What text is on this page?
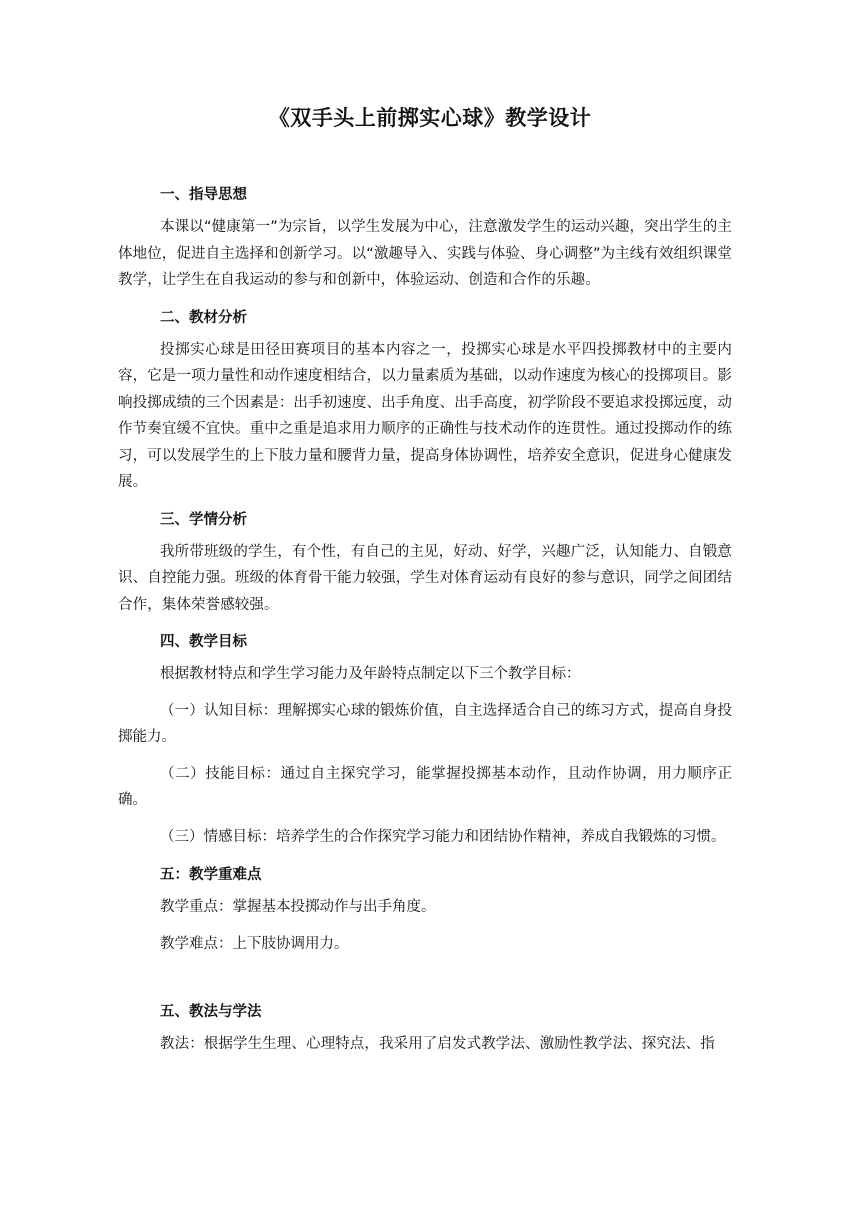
《双手头上前掷实心球》教学设计
一、指导思想

本课以“健康第一”为宗旨，以学生发展为中心，注意激发学生的运动兴趣，突出学生的主体地位，促进自主选择和创新学习。以“激趣导入、实践与体验、身心调整”为主线有效组织课堂教学，让学生在自我运动的参与和创新中，体验运动、创造和合作的乐趣。

二、教材分析

投掷实心球是田径田赛项目的基本内容之一，投掷实心球是水平四投掷教材中的主要内容，它是一项力量性和动作速度相结合，以力量素质为基础，以动作速度为核心的投掷项目。影响投掷成绩的三个因素是：出手初速度、出手角度、出手高度，初学阶段不要追求投掷远度，动作节奏宜缓不宜快。重中之重是追求用力顺序的正确性与技术动作的连贯性。通过投掷动作的练习，可以发展学生的上下肢力量和腰背力量，提高身体协调性，培养安全意识，促进身心健康发展。

三、学情分析

我所带班级的学生，有个性，有自己的主见，好动、好学，兴趣广泛，认知能力、自锻意识、自控能力强。班级的体育骨干能力较强，学生对体育运动有良好的参与意识，同学之间团结合作，集体荣誉感较强。

四、教学目标

根据教材特点和学生学习能力及年龄特点制定以下三个教学目标：

（一）认知目标：理解掷实心球的锻炼价值，自主选择适合自己的练习方式，提高自身投掷能力。

（二）技能目标：通过自主探究学习，能掌握投掷基本动作，且动作协调，用力顺序正确。

（三）情感目标：培养学生的合作探究学习能力和团结协作精神，养成自我锻炼的习惯。

五：教学重难点

教学重点：掌握基本投掷动作与出手角度。

教学难点：上下肢协调用力。

五、教法与学法

教法：根据学生生理、心理特点，我采用了启发式教学法、激励性教学法、探究法、指
